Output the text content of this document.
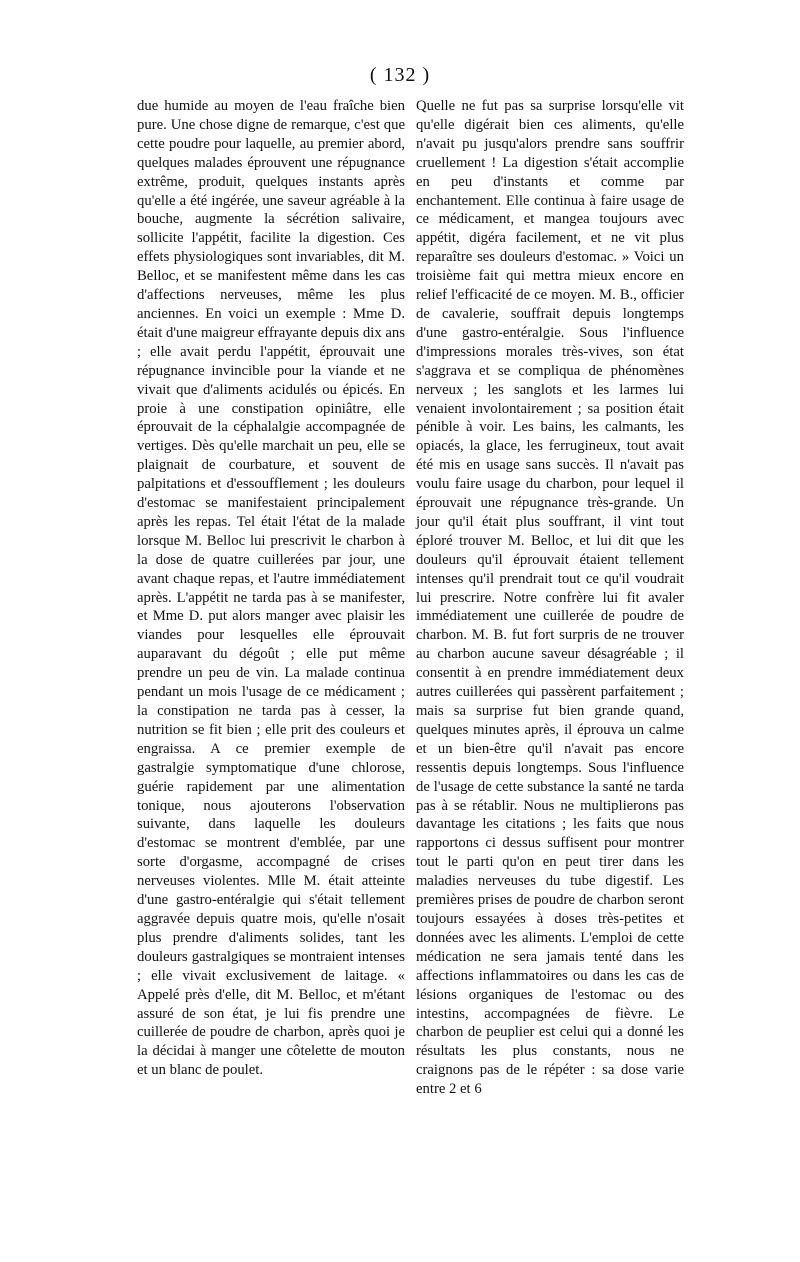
( 132 )

due humide au moyen de l'eau fraîche bien pure. Une chose digne de remarque, c'est que cette poudre pour laquelle, au premier abord, quelques malades éprouvent une répugnance extrême, produit, quelques instants après qu'elle a été ingérée, une saveur agréable à la bouche, augmente la sécrétion salivaire, sollicite l'appétit, facilite la digestion. Ces effets physiologiques sont invariables, dit M. Belloc, et se manifestent même dans les cas d'affections nerveuses, même les plus anciennes. En voici un exemple : Mme D. était d'une maigreur effrayante depuis dix ans ; elle avait perdu l'appétit, éprouvait une répugnance invincible pour la viande et ne vivait que d'aliments acidulés ou épicés. En proie à une constipation opiniâtre, elle éprouvait de la céphalalgie accompagnée de vertiges. Dès qu'elle marchait un peu, elle se plaignait de courbature, et souvent de palpitations et d'essoufflement ; les douleurs d'estomac se manifestaient principalement après les repas. Tel était l'état de la malade lorsque M. Belloc lui prescrivit le charbon à la dose de quatre cuillerées par jour, une avant chaque repas, et l'autre immédiatement après. L'appétit ne tarda pas à se manifester, et Mme D. put alors manger avec plaisir les viandes pour lesquelles elle éprouvait auparavant du dégoût ; elle put même prendre un peu de vin. La malade continua pendant un mois l'usage de ce médicament ; la constipation ne tarda pas à cesser, la nutrition se fit bien ; elle prit des couleurs et engraissa. A ce premier exemple de gastralgie symptomatique d'une chlorose, guérie rapidement par une alimentation tonique, nous ajouterons l'observation suivante, dans laquelle les douleurs d'estomac se montrent d'emblée, par une sorte d'orgasme, accompagné de crises nerveuses violentes. Mlle M. était atteinte d'une gastro-entéralgie qui s'était tellement aggravée depuis quatre mois, qu'elle n'osait plus prendre d'aliments solides, tant les douleurs gastralgiques se montraient intenses ; elle vivait exclusivement de laitage. « Appelé près d'elle, dit M. Belloc, et m'étant assuré de son état, je lui fis prendre une cuillerée de poudre de charbon, après quoi je la décidai à manger une côtelette de mouton et un blanc de poulet.

Quelle ne fut pas sa surprise lorsqu'elle vit qu'elle digérait bien ces aliments, qu'elle n'avait pu jusqu'alors prendre sans souffrir cruellement ! La digestion s'était accomplie en peu d'instants et comme par enchantement. Elle continua à faire usage de ce médicament, et mangea toujours avec appétit, digéra facilement, et ne vit plus reparaître ses douleurs d'estomac. » Voici un troisième fait qui mettra mieux encore en relief l'efficacité de ce moyen. M. B., officier de cavalerie, souffrait depuis longtemps d'une gastro-entéralgie. Sous l'influence d'impressions morales très-vives, son état s'aggrava et se compliqua de phénomènes nerveux ; les sanglots et les larmes lui venaient involontairement ; sa position était pénible à voir. Les bains, les calmants, les opiacés, la glace, les ferrugineux, tout avait été mis en usage sans succès. Il n'avait pas voulu faire usage du charbon, pour lequel il éprouvait une répugnance très-grande. Un jour qu'il était plus souffrant, il vint tout éploré trouver M. Belloc, et lui dit que les douleurs qu'il éprouvait étaient tellement intenses qu'il prendrait tout ce qu'il voudrait lui prescrire. Notre confrère lui fit avaler immédiatement une cuillerée de poudre de charbon. M. B. fut fort surpris de ne trouver au charbon aucune saveur désagréable ; il consentit à en prendre immédiatement deux autres cuillerées qui passèrent parfaitement ; mais sa surprise fut bien grande quand, quelques minutes après, il éprouva un calme et un bien-être qu'il n'avait pas encore ressentis depuis longtemps. Sous l'influence de l'usage de cette substance la santé ne tarda pas à se rétablir. Nous ne multiplierons pas davantage les citations ; les faits que nous rapportons ci dessus suffisent pour montrer tout le parti qu'on en peut tirer dans les maladies nerveuses du tube digestif. Les premières prises de poudre de charbon seront toujours essayées à doses très-petites et données avec les aliments. L'emploi de cette médication ne sera jamais tenté dans les affections inflammatoires ou dans les cas de lésions organiques de l'estomac ou des intestins, accompagnées de fièvre. Le charbon de peuplier est celui qui a donné les résultats les plus constants, nous ne craignons pas de le répéter : sa dose varie entre 2 et 6
